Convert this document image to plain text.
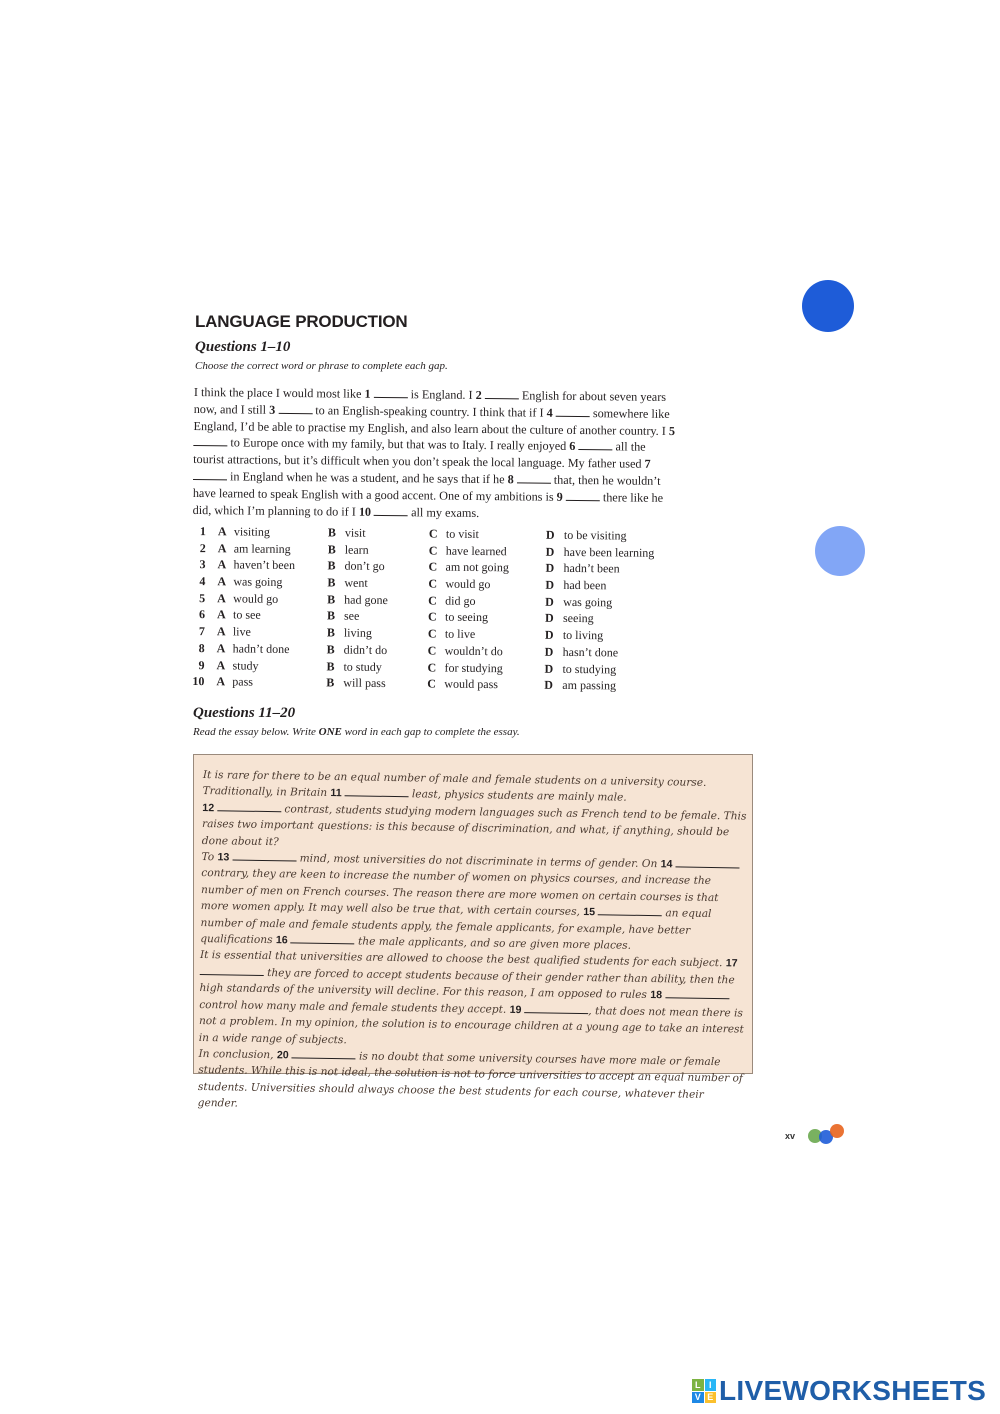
LANGUAGE PRODUCTION
Questions 1–10

Choose the correct word or phrase to complete each gap.

I think the place I would most like 1	is England. I 2	English for about seven years now, and I still 3	to an English-speaking country. I think that if I 4	somewhere like England, I’d be able to practise my English, and also learn about the culture of another country. I 5  to Europe once with my family, but that was to Italy. I really enjoyed 6	all the tourist attractions, but it’s difficult when you don’t speak the local language. My father used 7  in England when he was a student, and he says that if he 8	that, then he wouldn’t have learned to speak English with a good accent. One of my ambitions is 9	there like he did, which I’m planning to do if I 10	all my exams.

1 A visiting	B visit	C to visit	D to be visiting
2 A am learning	B learn	C have learned	D have been learning
3 A haven’t been	B don’t go	C am not going	D hadn’t been
4 A was going	B went	C would go	D had been
5 A would go	B had gone	C did go	D was going
6 A to see	B see	C to seeing	D seeing
7 A live	B living	C to live	D to living
8 A hadn’t done	B didn’t do	C wouldn’t do	D hasn’t done
9 A study	B to study	C for studying	D to studying
10 A pass	B will pass	C would pass	D am passing
Questions 11–20

Read the essay below. Write ONE word in each gap to complete the essay.

It is rare for there to be an equal number of male and female students on a university course. Traditionally, in Britain 11	least, physics students are mainly male.
12	contrast, students studying modern languages such as French tend to be female. This raises two important questions: is this because of discrimination, and what, if anything, should be done about it?
To 13	mind, most universities do not discriminate in terms of gender. On 14  contrary, they are keen to increase the number of women on physics courses, and increase the number of men on French courses. The reason there are more women on certain courses is that more women apply. It may well also be true that, with certain courses, 15	an equal number of male and female students apply, the female applicants, for example, have better qualifications 16	the male applicants, and so are given more places.
It is essential that universities are allowed to choose the best qualified students for each subject. 17  they are forced to accept students because of their gender rather than ability, then the high standards of the university will decline. For this reason, I am opposed to rules 18  control how many male and female students they accept. 19	, that does not mean there is not a problem. In my opinion, the solution is to encourage children at a young age to take an interest in a wide range of subjects.
In conclusion, 20	is no doubt that some university courses have more male or female students. While this is not ideal, the solution is not to force universities to accept an equal number of students. Universities should always choose the best students for each course, whatever their gender.

xv

L I
V E LIVEWORKSHEETS
